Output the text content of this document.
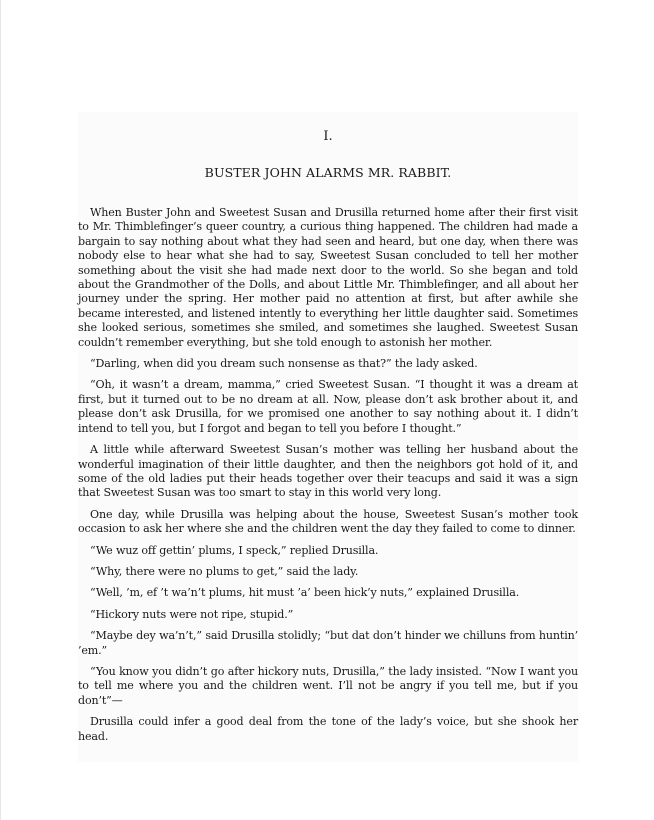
I.
BUSTER JOHN ALARMS MR. RABBIT.

When Buster John and Sweetest Susan and Drusilla returned home after their first visit to Mr. Thimblefinger’s queer country, a curious thing happened. The children had made a bargain to say nothing about what they had seen and heard, but one day, when there was nobody else to hear what she had to say, Sweetest Susan concluded to tell her mother something about the visit she had made next door to the world. So she began and told about the Grandmother of the Dolls, and about Little Mr. Thimblefinger, and all about her journey under the spring. Her mother paid no attention at first, but after awhile she became interested, and listened intently to everything her little daughter said. Sometimes she looked serious, sometimes she smiled, and sometimes she laughed. Sweetest Susan couldn’t remember everything, but she told enough to astonish her mother.

“Darling, when did you dream such nonsense as that?” the lady asked.

“Oh, it wasn’t a dream, mamma,” cried Sweetest Susan. “I thought it was a dream at first, but it turned out to be no dream at all. Now, please don’t ask brother about it, and please don’t ask Drusilla, for we promised one another to say nothing about it. I didn’t intend to tell you, but I forgot and began to tell you before I thought.”

A little while afterward Sweetest Susan’s mother was telling her husband about the wonderful imagination of their little daughter, and then the neighbors got hold of it, and some of the old ladies put their heads together over their teacups and said it was a sign that Sweetest Susan was too smart to stay in this world very long.

One day, while Drusilla was helping about the house, Sweetest Susan’s mother took occasion to ask her where she and the children went the day they failed to come to dinner.

“We wuz off gettin’ plums, I speck,” replied Drusilla.

“Why, there were no plums to get,” said the lady.

“Well, ’m, ef ’t wa’n’t plums, hit must ’a’ been hick’y nuts,” explained Drusilla.

“Hickory nuts were not ripe, stupid.”

“Maybe dey wa’n’t,” said Drusilla stolidly; “but dat don’t hinder we chilluns from huntin’ ’em.”

“You know you didn’t go after hickory nuts, Drusilla,” the lady insisted. “Now I want you to tell me where you and the children went. I’ll not be angry if you tell me, but if you don’t”—

Drusilla could infer a good deal from the tone of the lady’s voice, but she shook her head.
